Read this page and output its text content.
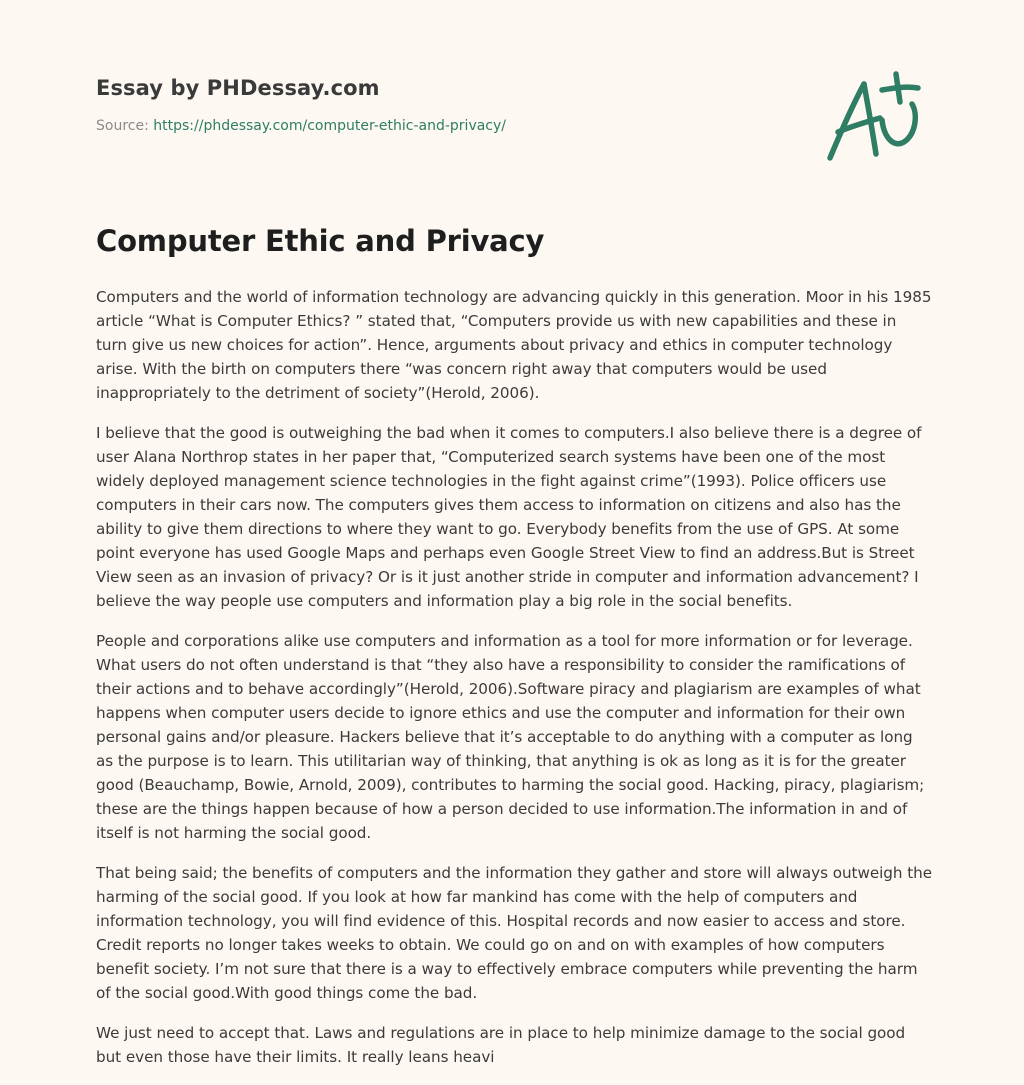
Essay by PHDessay.com
Source: https://phdessay.com/computer-ethic-and-privacy/
Computer Ethic and Privacy

Computers and the world of information technology are advancing quickly in this generation. Moor in his 1985 article “What is Computer Ethics? ” stated that, “Computers provide us with new capabilities and these in turn give us new choices for action”. Hence, arguments about privacy and ethics in computer technology arise. With the birth on computers there “was concern right away that computers would be used inappropriately to the detriment of society”(Herold, 2006).

I believe that the good is outweighing the bad when it comes to computers.I also believe there is a degree of user Alana Northrop states in her paper that, “Computerized search systems have been one of the most widely deployed management science technologies in the fight against crime”(1993). Police officers use computers in their cars now. The computers gives them access to information on citizens and also has the ability to give them directions to where they want to go. Everybody benefits from the use of GPS. At some point everyone has used Google Maps and perhaps even Google Street View to find an address.But is Street View seen as an invasion of privacy? Or is it just another stride in computer and information advancement? I believe the way people use computers and information play a big role in the social benefits.

People and corporations alike use computers and information as a tool for more information or for leverage. What users do not often understand is that “they also have a responsibility to consider the ramifications of their actions and to behave accordingly”(Herold, 2006).Software piracy and plagiarism are examples of what happens when computer users decide to ignore ethics and use the computer and information for their own personal gains and/or pleasure. Hackers believe that it’s acceptable to do anything with a computer as long as the purpose is to learn. This utilitarian way of thinking, that anything is ok as long as it is for the greater good (Beauchamp, Bowie, Arnold, 2009), contributes to harming the social good. Hacking, piracy, plagiarism; these are the things happen because of how a person decided to use information.The information in and of itself is not harming the social good.

That being said; the benefits of computers and the information they gather and store will always outweigh the harming of the social good. If you look at how far mankind has come with the help of computers and information technology, you will find evidence of this. Hospital records and now easier to access and store. Credit reports no longer takes weeks to obtain. We could go on and on with examples of how computers benefit society. I’m not sure that there is a way to effectively embrace computers while preventing the harm of the social good.With good things come the bad.

We just need to accept that. Laws and regulations are in place to help minimize damage to the social good but even those have their limits. It really leans heavi
